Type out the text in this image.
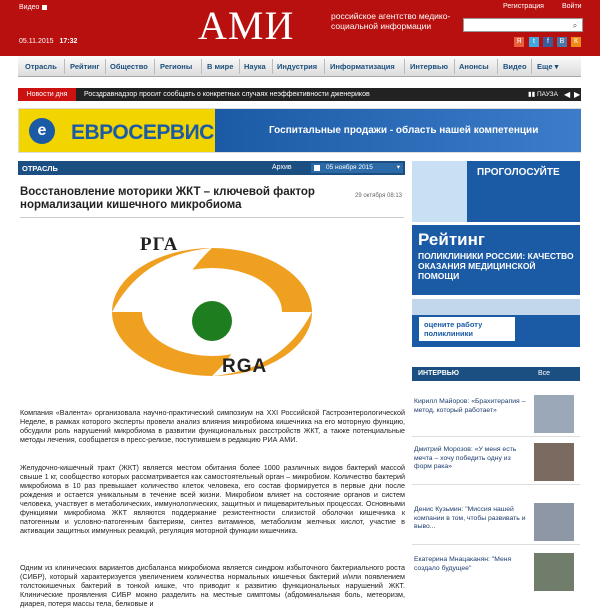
Видео
05.11.2015 17:32	АМИ	российское агентство медико-социальной информации
Регистрация	Войти
⌕
Я	t	f	В	К
Отрасль Рейтинг Общество Регионы В мире Наука Индустрия Информатизация Интервью Анонсы Видео Еще ▾
Новости дня	Росздравнадзор просит сообщать о конкретных случаях неэффективности дженериков	▮▮ ПАУЗА ◀ ▶
e	ЕВРОСЕРВИС	Госпитальные продажи - область нашей компетенции
ОТРАСЛЬ	Архив	05 ноября 2015	▾
Восстановление моторики ЖКТ – ключевой фактор нормализации кишечного микробиома
29 октября 08:13
РГА
RGA
Компания «Валента» организовала научно-практический симпозиум на XXI Российской Гастроэнтерологической Неделе, в рамках которого эксперты провели анализ влияния микробиома кишечника на его моторную функцию, обсудили роль нарушений микробиома в развитии функциональных расстройств ЖКТ, а также потенциальные методы лечения, сообщается в пресс-релизе, поступившем в редакцию РИА АМИ.
Желудочно-кишечный тракт (ЖКТ) является местом обитания более 1000 различных видов бактерий массой свыше 1 кг, сообщество которых рассматривается как самостоятельный орган – микробиом. Количество бактерий микробиома в 10 раз превышает количество клеток человека, его состав формируется в первые дни после рождения и остается уникальным в течение всей жизни. Микробиом влияет на состояние органов и систем человека, участвует в метаболических, иммунологических, защитных и пищеварительных процессах. Основными функциями микробиома ЖКТ являются поддержание резистентности слизистой оболочки кишечника к патогенным и условно-патогенным бактериям, синтез витаминов, метаболизм желчных кислот, участие в активации защитных иммунных реакций, регуляция моторной функции кишечника.
Одним из клинических вариантов дисбаланса микробиома является синдром избыточного бактериального роста (СИБР), который характеризуется увеличением количества нормальных кишечных бактерий и/или появлением толстокишечных бактерий в тонкой кишке, что приводит к развитию функциональных нарушений ЖКТ. Клинические проявления СИБР можно разделить на местные симптомы (абдоминальная боль, метеоризм, диарея, потеря массы тела, белковые и
ПРОГОЛОСУЙТЕ
Рейтинг
ПОЛИКЛИНИКИ РОССИИ: КАЧЕСТВО ОКАЗАНИЯ МЕДИЦИНСКОЙ ПОМОЩИ
оцените работу поликлиники
ИНТЕРВЬЮ	Все
Кирилл Майоров: «Брахитерапия – метод, который работает»
Дмитрий Морозов: «У меня есть мечта – хочу победить одну из форм рака»
Денис Кузьмин: "Миссия нашей компании в том, чтобы развивать и выво...
Екатерина Мнацаканян: "Меня создало будущее"
